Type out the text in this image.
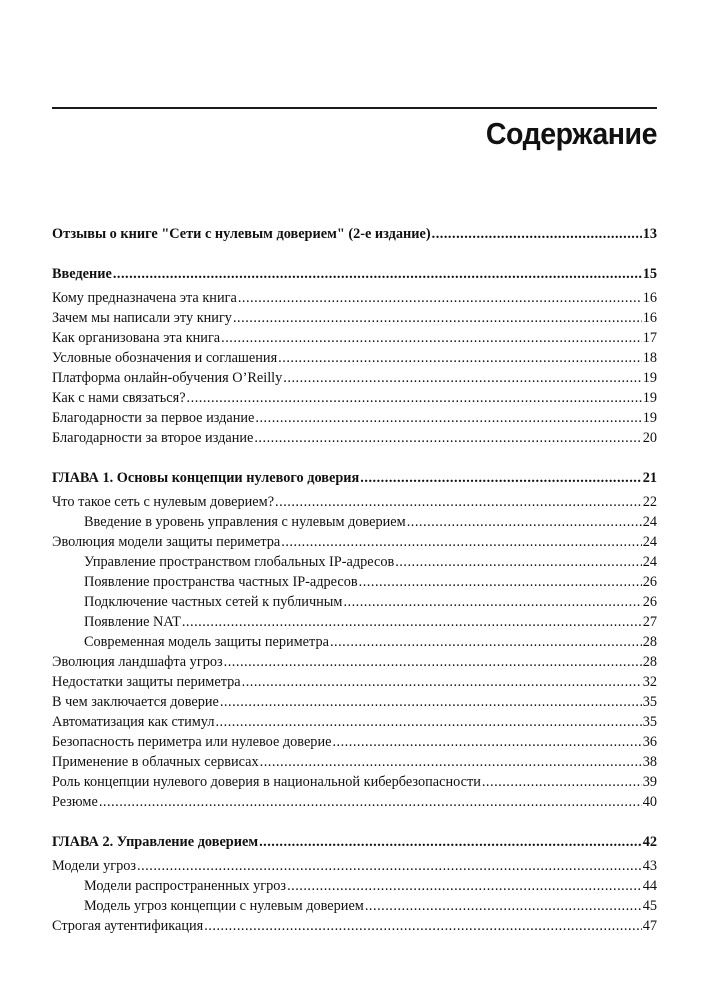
Содержание
Отзывы о книге "Сети с нулевым доверием" (2-е издание) .....	13
Введение .....	15
Кому предназначена эта книга .....	16
Зачем мы написали эту книгу .....	16
Как организована эта книга .....	17
Условные обозначения и соглашения .....	18
Платформа онлайн-обучения O’Reilly .....	19
Как с нами связаться? .....	19
Благодарности за первое издание .....	19
Благодарности за второе издание .....	20
ГЛАВА 1. Основы концепции нулевого доверия .....	21
Что такое сеть с нулевым доверием? .....	22
Введение в уровень управления с нулевым доверием .....	24
Эволюция модели защиты периметра .....	24
Управление пространством глобальных IP-адресов .....	24
Появление пространства частных IP-адресов .....	26
Подключение частных сетей к публичным .....	26
Появление NAT .....	27
Современная модель защиты периметра .....	28
Эволюция ландшафта угроз .....	28
Недостатки защиты периметра .....	32
В чем заключается доверие .....	35
Автоматизация как стимул .....	35
Безопасность периметра или нулевое доверие .....	36
Применение в облачных сервисах .....	38
Роль концепции нулевого доверия в национальной кибербезопасности .....	39
Резюме .....	40
ГЛАВА 2. Управление доверием .....	42
Модели угроз .....	43
Модели распространенных угроз .....	44
Модель угроз концепции с нулевым доверием .....	45
Строгая аутентификация .....	47
